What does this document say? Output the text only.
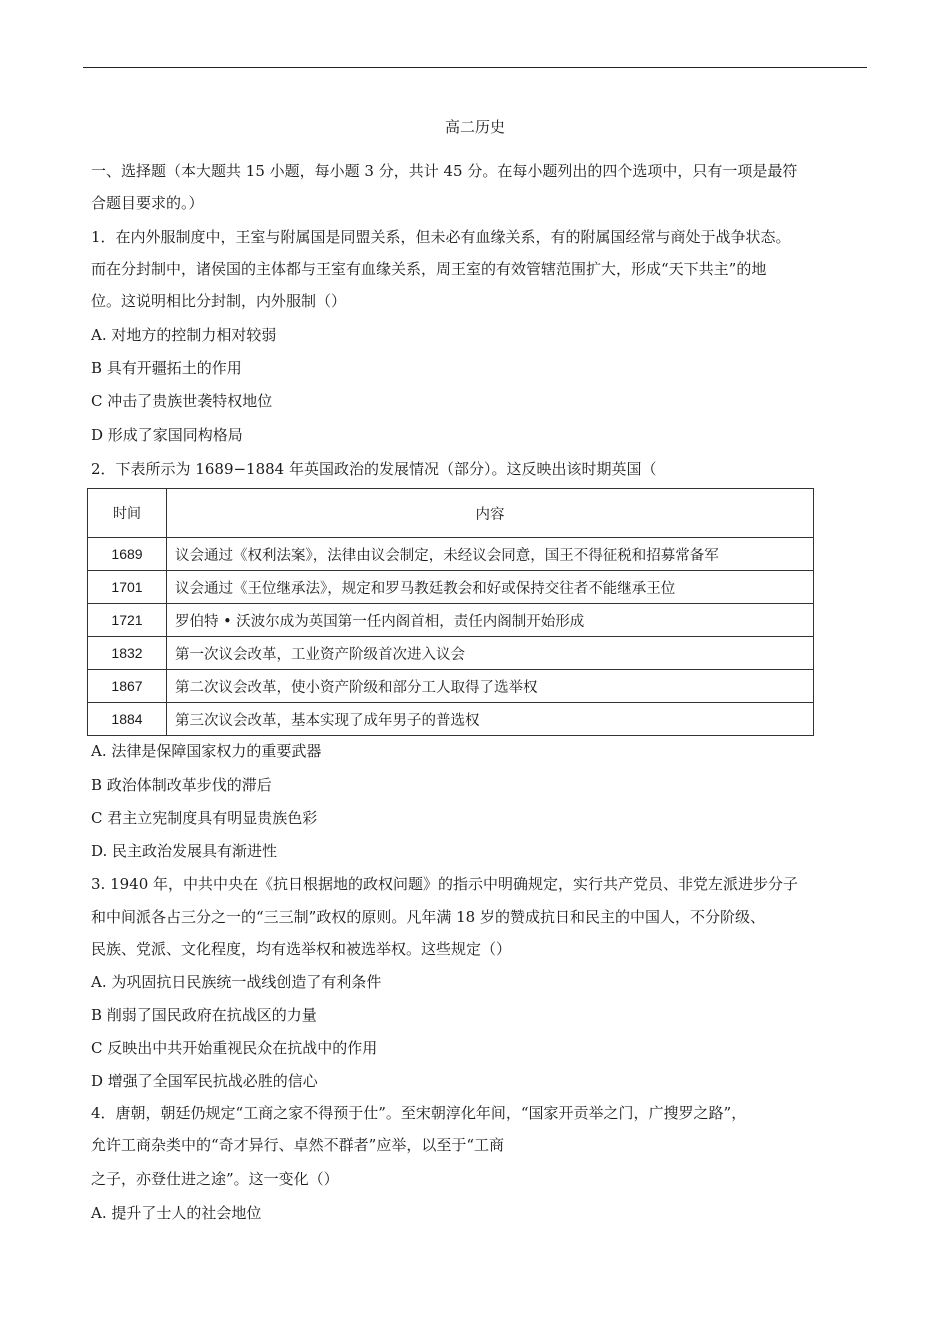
高二历史
一、选择题（本大题共 15 小题，每小题 3 分，共计 45 分。在每小题列出的四个选项中，只有一项是最符
合题目要求的。）
1．在内外服制度中，王室与附属国是同盟关系，但未必有血缘关系，有的附属国经常与商处于战争状态。
而在分封制中，诸侯国的主体都与王室有血缘关系，周王室的有效管辖范围扩大，形成“天下共主”的地
位。这说明相比分封制，内外服制（）
A. 对地方的控制力相对较弱
B 具有开疆拓土的作用
C 冲击了贵族世袭特权地位
D 形成了家国同构格局
2．下表所示为 1689−1884 年英国政治的发展情况（部分）。这反映出该时期英国（
时间	内容
1689	议会通过《权利法案》，法律由议会制定，未经议会同意，国王不得征税和招募常备军
1701	议会通过《王位继承法》，规定和罗马教廷教会和好或保持交往者不能继承王位
1721	罗伯特 • 沃波尔成为英国第一任内阁首相，责任内阁制开始形成
1832	第一次议会改革，工业资产阶级首次进入议会
1867	第二次议会改革，使小资产阶级和部分工人取得了选举权
1884	第三次议会改革，基本实现了成年男子的普选权
A. 法律是保障国家权力的重要武器
B 政治体制改革步伐的滞后
C 君主立宪制度具有明显贵族色彩
D. 民主政治发展具有渐进性
3. 1940 年，中共中央在《抗日根据地的政权问题》的指示中明确规定，实行共产党员、非党左派进步分子
和中间派各占三分之一的“三三制”政权的原则。凡年满 18 岁的赞成抗日和民主的中国人，不分阶级、
民族、党派、文化程度，均有选举权和被选举权。这些规定（）
A. 为巩固抗日民族统一战线创造了有利条件
B 削弱了国民政府在抗战区的力量
C 反映出中共开始重视民众在抗战中的作用
D 增强了全国军民抗战必胜的信心
4．唐朝，朝廷仍规定“工商之家不得预于仕”。至宋朝淳化年间，“国家开贡举之门，广搜罗之路”，
允许工商杂类中的“奇才异行、卓然不群者”应举，以至于“工商
之子，亦登仕进之途”。这一变化（）
A. 提升了士人的社会地位
